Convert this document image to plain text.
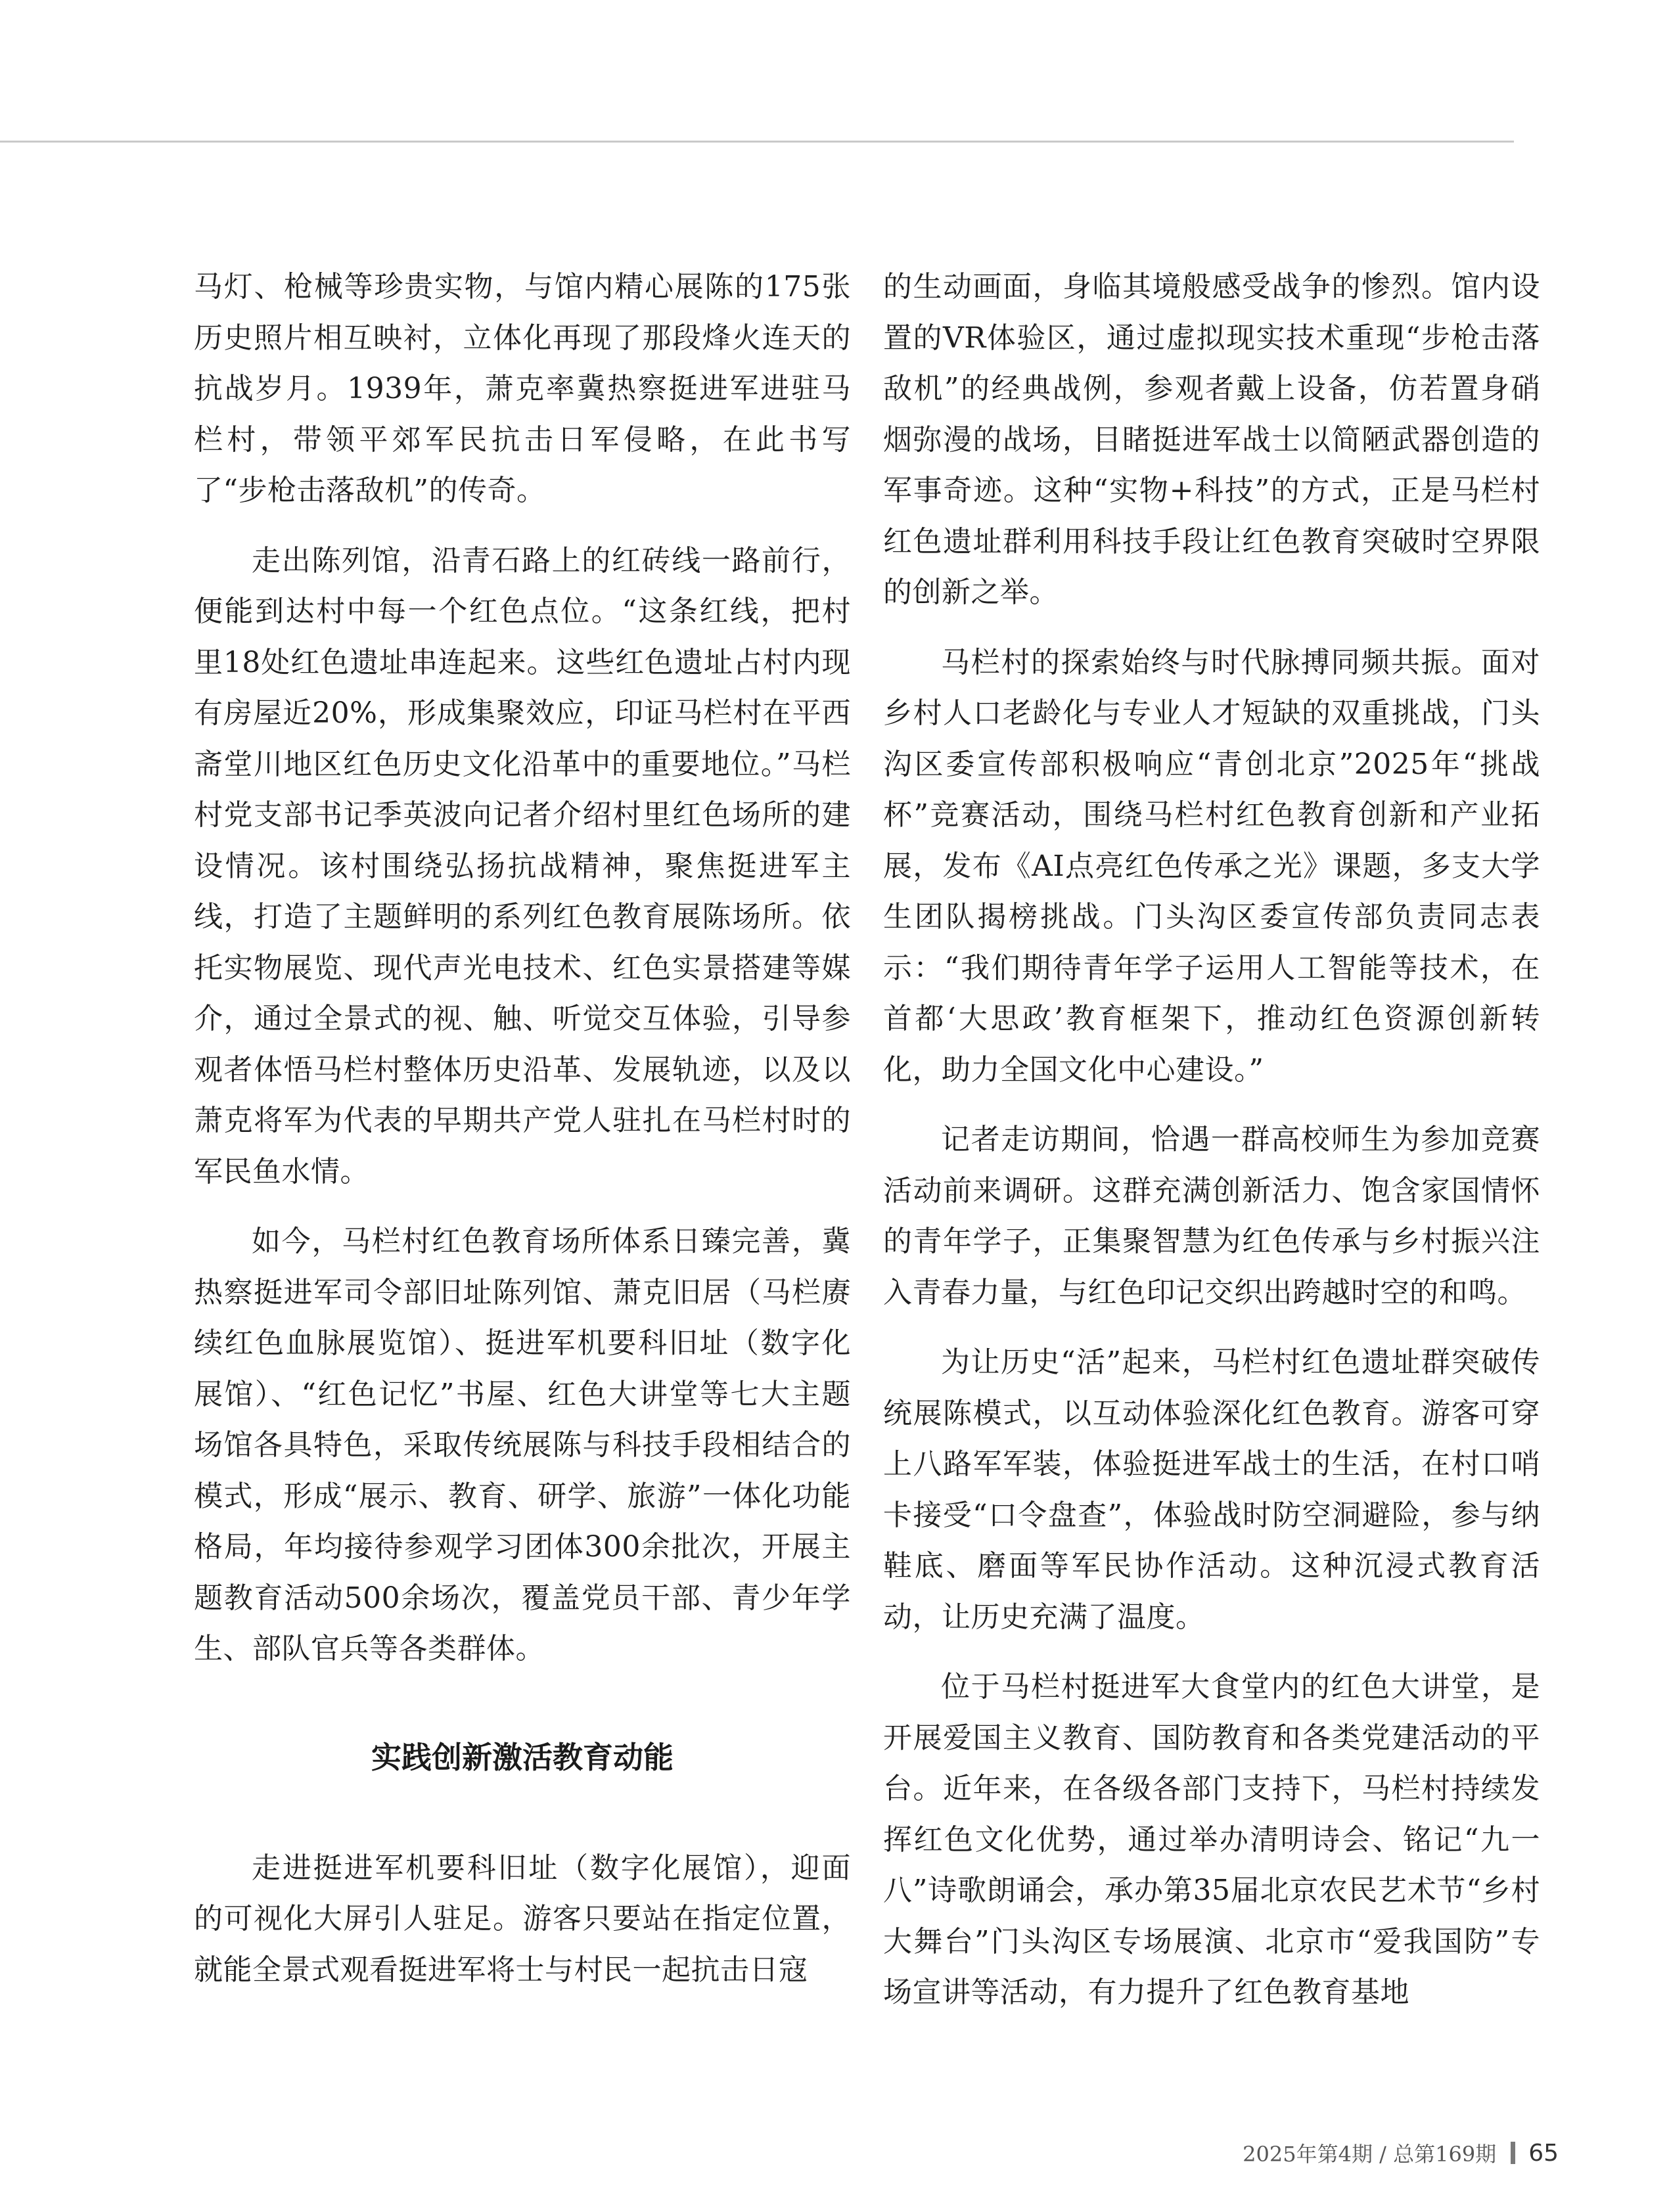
马灯、枪械等珍贵实物，与馆内精心展陈的175张历史照片相互映衬，立体化再现了那段烽火连天的抗战岁月。1939年，萧克率冀热察挺进军进驻马栏村，带领平郊军民抗击日军侵略，在此书写了“步枪击落敌机”的传奇。

走出陈列馆，沿青石路上的红砖线一路前行，便能到达村中每一个红色点位。“这条红线，把村里18处红色遗址串连起来。这些红色遗址占村内现有房屋近20%，形成集聚效应，印证马栏村在平西斋堂川地区红色历史文化沿革中的重要地位。”马栏村党支部书记季英波向记者介绍村里红色场所的建设情况。该村围绕弘扬抗战精神，聚焦挺进军主线，打造了主题鲜明的系列红色教育展陈场所。依托实物展览、现代声光电技术、红色实景搭建等媒介，通过全景式的视、触、听觉交互体验，引导参观者体悟马栏村整体历史沿革、发展轨迹，以及以萧克将军为代表的早期共产党人驻扎在马栏村时的军民鱼水情。

如今，马栏村红色教育场所体系日臻完善，冀热察挺进军司令部旧址陈列馆、萧克旧居（马栏赓续红色血脉展览馆）、挺进军机要科旧址（数字化展馆）、“红色记忆”书屋、红色大讲堂等七大主题场馆各具特色，采取传统展陈与科技手段相结合的模式，形成“展示、教育、研学、旅游”一体化功能格局，年均接待参观学习团体300余批次，开展主题教育活动500余场次，覆盖党员干部、青少年学生、部队官兵等各类群体。

实践创新激活教育动能

走进挺进军机要科旧址（数字化展馆），迎面的可视化大屏引人驻足。游客只要站在指定位置，就能全景式观看挺进军将士与村民一起抗击日寇

的生动画面，身临其境般感受战争的惨烈。馆内设置的VR体验区，通过虚拟现实技术重现“步枪击落敌机”的经典战例，参观者戴上设备，仿若置身硝烟弥漫的战场，目睹挺进军战士以简陋武器创造的军事奇迹。这种“实物+科技”的方式，正是马栏村红色遗址群利用科技手段让红色教育突破时空界限的创新之举。

马栏村的探索始终与时代脉搏同频共振。面对乡村人口老龄化与专业人才短缺的双重挑战，门头沟区委宣传部积极响应“青创北京”2025年“挑战杯”竞赛活动，围绕马栏村红色教育创新和产业拓展，发布《AI点亮红色传承之光》课题，多支大学生团队揭榜挑战。门头沟区委宣传部负责同志表示：“我们期待青年学子运用人工智能等技术，在首都‘大思政’教育框架下，推动红色资源创新转化，助力全国文化中心建设。”

记者走访期间，恰遇一群高校师生为参加竞赛活动前来调研。这群充满创新活力、饱含家国情怀的青年学子，正集聚智慧为红色传承与乡村振兴注入青春力量，与红色印记交织出跨越时空的和鸣。

为让历史“活”起来，马栏村红色遗址群突破传统展陈模式，以互动体验深化红色教育。游客可穿上八路军军装，体验挺进军战士的生活，在村口哨卡接受“口令盘查”，体验战时防空洞避险，参与纳鞋底、磨面等军民协作活动。这种沉浸式教育活动，让历史充满了温度。

位于马栏村挺进军大食堂内的红色大讲堂，是开展爱国主义教育、国防教育和各类党建活动的平台。近年来，在各级各部门支持下，马栏村持续发挥红色文化优势，通过举办清明诗会、铭记“九一八”诗歌朗诵会，承办第35届北京农民艺术节“乡村大舞台”门头沟区专场展演、北京市“爱我国防”专场宣讲等活动，有力提升了红色教育基地

2025年第4期 / 总第169期 65
